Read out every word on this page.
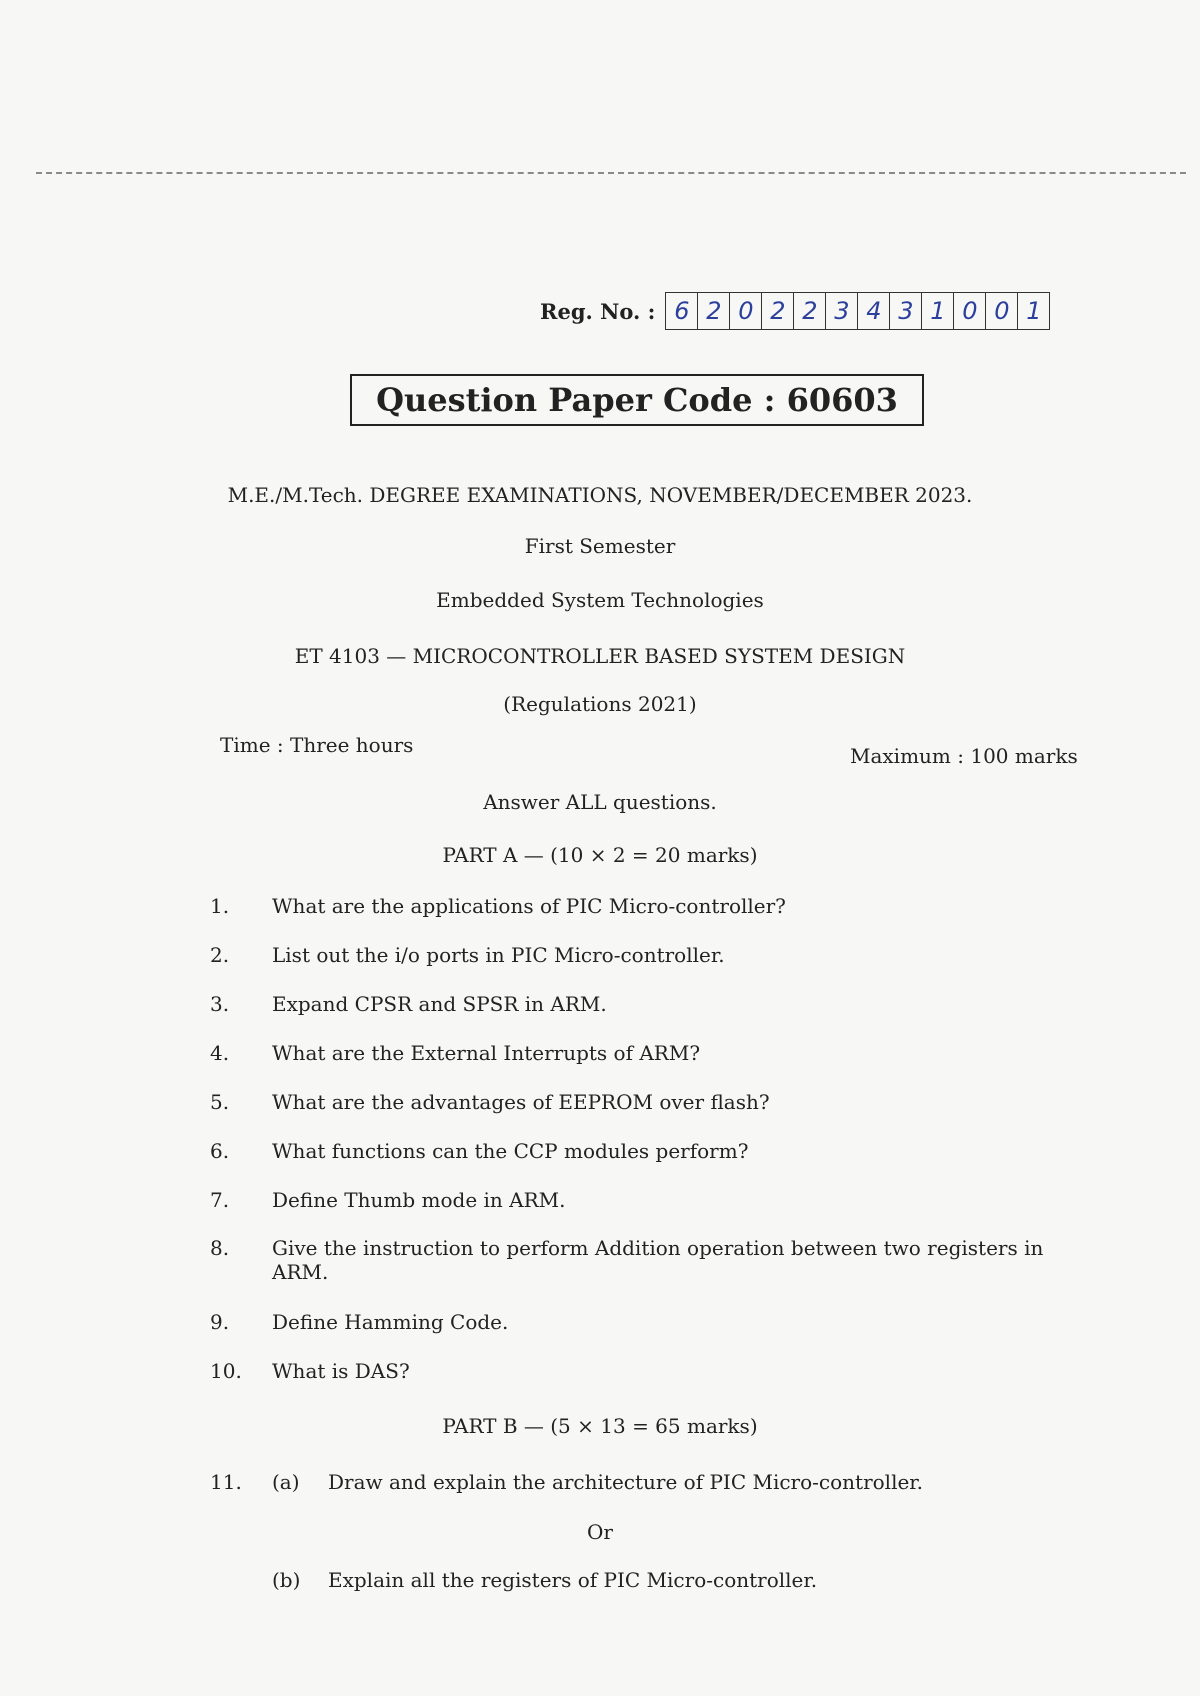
Reg. No. : 6 2 0 2 2 3 4 3 1 0 0 1
Question Paper Code : 60603
M.E./M.Tech. DEGREE EXAMINATIONS, NOVEMBER/DECEMBER 2023.
First Semester
Embedded System Technologies
ET 4103 — MICROCONTROLLER BASED SYSTEM DESIGN
(Regulations 2021)
Time : Three hours	Maximum : 100 marks
Answer ALL questions.
PART A — (10 × 2 = 20 marks)
1.	What are the applications of PIC Micro-controller?
2.	List out the i/o ports in PIC Micro-controller.
3.	Expand CPSR and SPSR in ARM.
4.	What are the External Interrupts of ARM?
5.	What are the advantages of EEPROM over flash?
6.	What functions can the CCP modules perform?
7.	Define Thumb mode in ARM.
8.	Give the instruction to perform Addition operation between two registers in ARM.
9.	Define Hamming Code.
10.	What is DAS?
PART B — (5 × 13 = 65 marks)
11.	(a)	Draw and explain the architecture of PIC Micro-controller.
Or
(b)	Explain all the registers of PIC Micro-controller.
